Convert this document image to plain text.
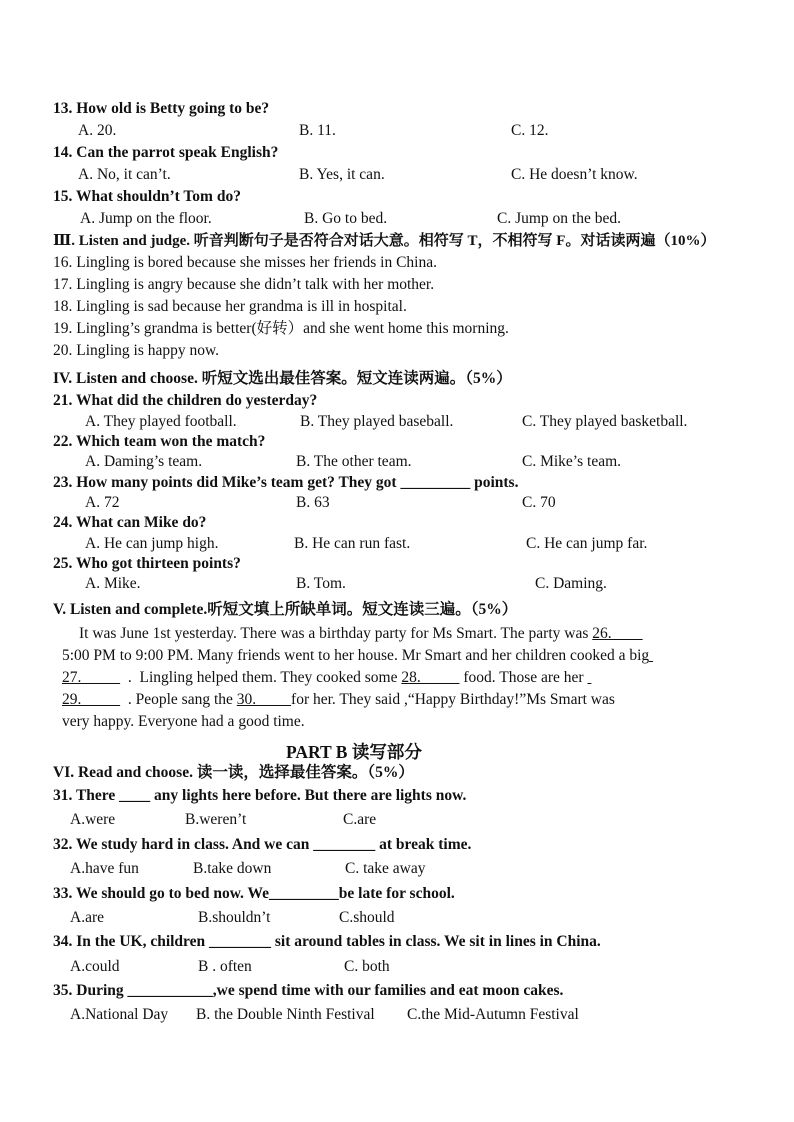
13. How old is Betty going to be?
A. 20.	B. 11.	C. 12.
14. Can the parrot speak English?
A. No, it can’t.	B. Yes, it can.	C. He doesn’t know.
15. What shouldn’t Tom do?
A. Jump on the floor.	B. Go to bed.	C. Jump on the bed.
Ⅲ. Listen and judge. 听音判断句子是否符合对话大意。相符写 T，不相符写 F。对话读两遍（10%）
16. Lingling is bored because she misses her friends in China.
17. Lingling is angry because she didn’t talk with her mother.
18. Lingling is sad because her grandma is ill in hospital.
19. Lingling’s grandma is better(好转）and she went home this morning.
20. Lingling is happy now.
IV. Listen and choose. 听短文选出最佳答案。短文连读两遍。（5%）
21. What did the children do yesterday?
A. They played football.	B. They played baseball.	C. They played basketball.
22. Which team won the match?
A. Daming’s team.	B. The other team.	C. Mike’s team.
23. How many points did Mike’s team get? They got _________ points.
A. 72	B. 63	C. 70
24. What can Mike do?
A. He can jump high.	B. He can run fast.	C. He can jump far.
25. Who got thirteen points?
A. Mike.	B. Tom.	C. Daming.
V. Listen and complete.听短文填上所缺单词。短文连读三遍。（5%）
It was June 1st yesterday. There was a birthday party for Ms Smart. The party was 26.
5:00 PM to 9:00 PM. Many friends went to her house. Mr Smart and her children cooked a big
27.            .  Lingling helped them. They cooked some 28.           food. Those are her
29.            . People sang the 30.         for her. They said ,“Happy Birthday!”Ms Smart was
very happy. Everyone had a good time.
PART B 读写部分
VI. Read and choose. 读一读，选择最佳答案。（5%）
31. There ____ any lights here before. But there are lights now.
A.were	B.weren’t	C.are
32. We study hard in class. And we can ________ at break time.
A.have fun	B.take down	C. take away
33. We should go to bed now. We_________be late for school.
A.are	B.shouldn’t	C.should
34. In the UK, children ________ sit around tables in class. We sit in lines in China.
A.could	B . often	C. both
35. During ___________,we spend time with our families and eat moon cakes.
A.National Day B. the Double Ninth Festival C.the Mid-Autumn Festival
